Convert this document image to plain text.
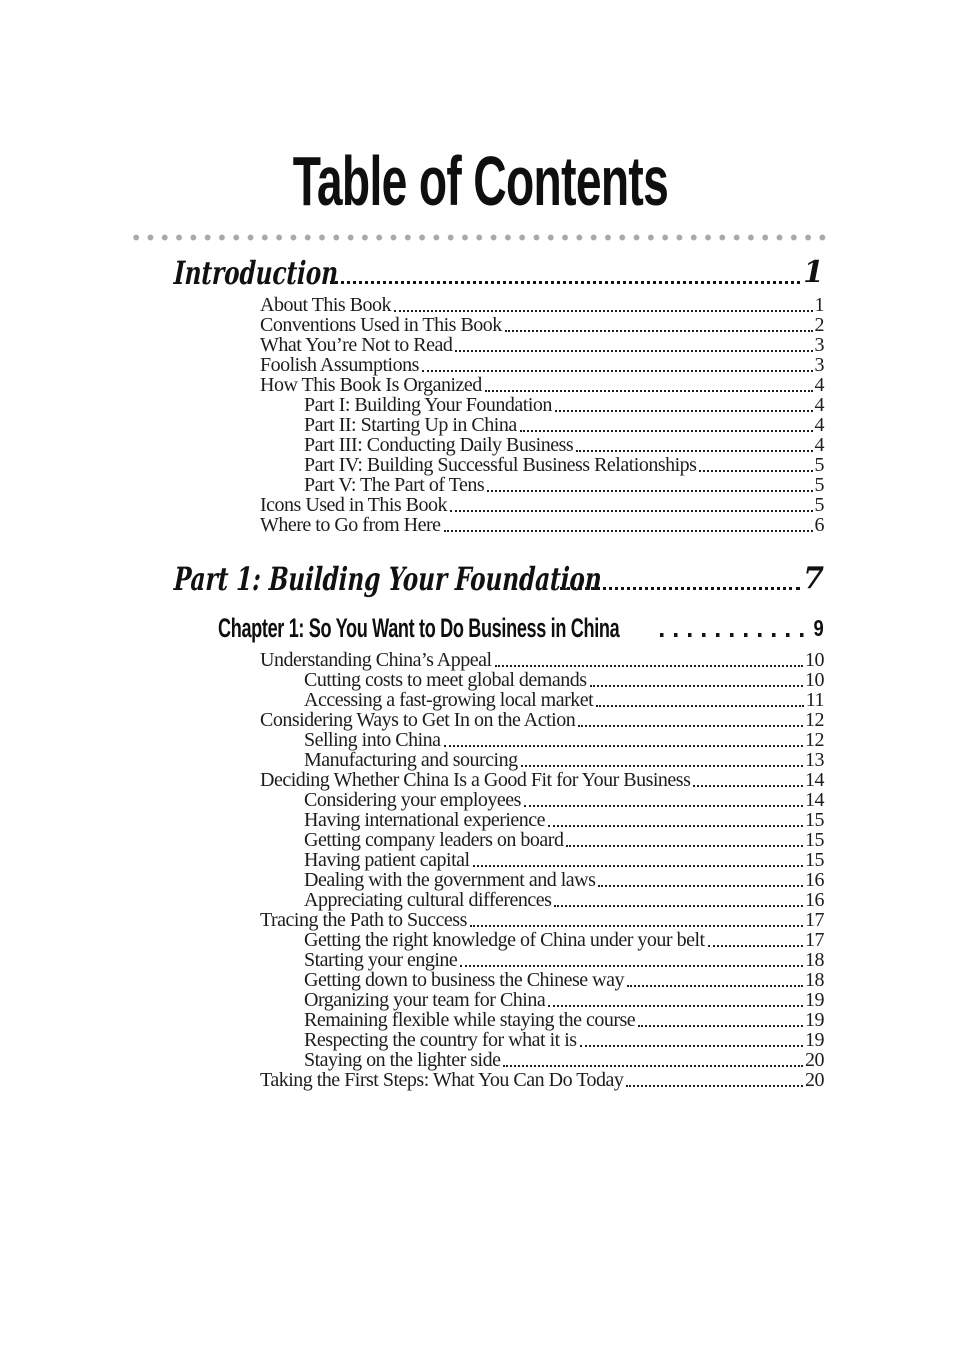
Table of Contents
Introduction	1
About This Book	1
Conventions Used in This Book	2
What You’re Not to Read	3
Foolish Assumptions	3
How This Book Is Organized	4
Part I: Building Your Foundation	4
Part II: Starting Up in China	4
Part III: Conducting Daily Business	4
Part IV: Building Successful Business Relationships	5
Part V: The Part of Tens	5
Icons Used in This Book	5
Where to Go from Here	6
Part 1: Building Your Foundation	7
Chapter 1: So You Want to Do Business in China	9
Understanding China’s Appeal	10
Cutting costs to meet global demands	10
Accessing a fast-growing local market	11
Considering Ways to Get In on the Action	12
Selling into China	12
Manufacturing and sourcing	13
Deciding Whether China Is a Good Fit for Your Business	14
Considering your employees	14
Having international experience	15
Getting company leaders on board	15
Having patient capital	15
Dealing with the government and laws	16
Appreciating cultural differences	16
Tracing the Path to Success	17
Getting the right knowledge of China under your belt	17
Starting your engine	18
Getting down to business the Chinese way	18
Organizing your team for China	19
Remaining flexible while staying the course	19
Respecting the country for what it is	19
Staying on the lighter side	20
Taking the First Steps: What You Can Do Today	20
